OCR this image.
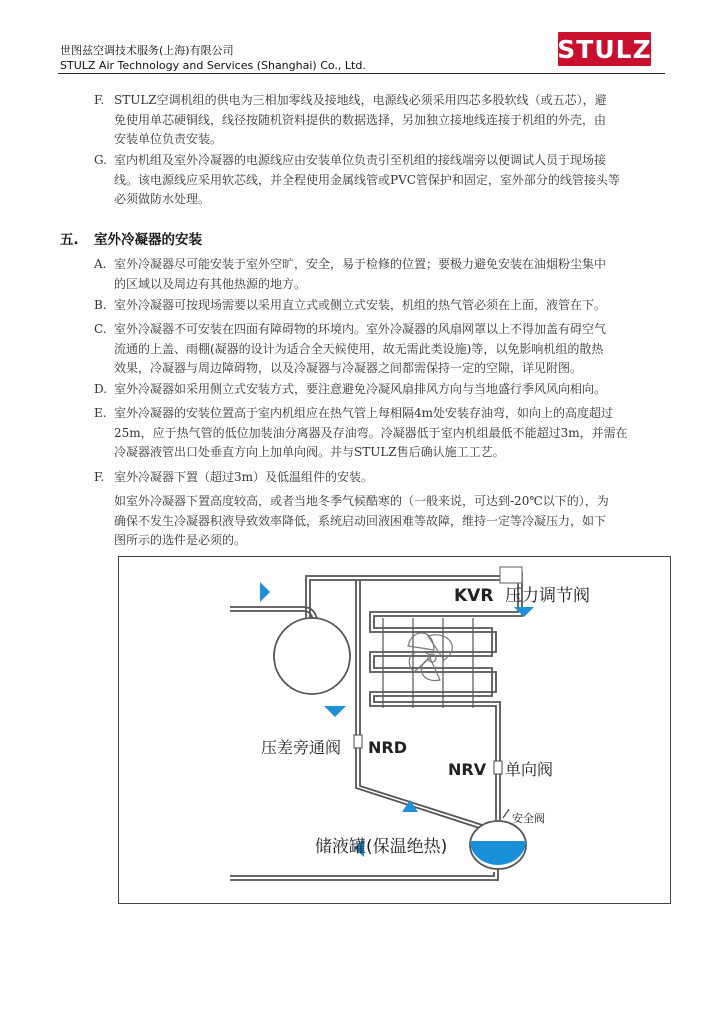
世图兹空调技术服务(上海)有限公司
STULZ Air Technology and Services (Shanghai) Co., Ltd.
STULZ
F. STULZ空调机组的供电为三相加零线及接地线，电源线必须采用四芯多股软线（或五芯），避
免使用单芯硬铜线，线径按随机资料提供的数据选择，另加独立接地线连接于机组的外壳，由
安装单位负责安装。
G. 室内机组及室外冷凝器的电源线应由安装单位负责引至机组的接线端旁以便调试人员于现场接
线。该电源线应采用软芯线，并全程使用金属线管或PVC管保护和固定，室外部分的线管接头等
必须做防水处理。
五. 室外冷凝器的安装
A. 室外冷凝器尽可能安装于室外空旷，安全，易于检修的位置；要极力避免安装在油烟粉尘集中
的区域以及周边有其他热源的地方。
B. 室外冷凝器可按现场需要以采用直立式或侧立式安装，机组的热气管必须在上面，液管在下。
C. 室外冷凝器不可安装在四面有障碍物的环境内。室外冷凝器的风扇网罩以上不得加盖有碍空气
流通的上盖、雨棚(凝器的设计为适合全天候使用，故无需此类设施)等，以免影响机组的散热
效果，冷凝器与周边障碍物，以及冷凝器与冷凝器之间都需保持一定的空隙，详见附图。
D. 室外冷凝器如采用侧立式安装方式，要注意避免冷凝风扇排风方向与当地盛行季风风向相向。
E. 室外冷凝器的安装位置高于室内机组应在热气管上每相隔4m处安装存油弯，如向上的高度超过
25m，应于热气管的低位加装油分离器及存油弯。冷凝器低于室内机组最低不能超过3m，并需在
冷凝器液管出口处垂直方向上加单向阀。并与STULZ售后确认施工工艺。
F. 室外冷凝器下置（超过3m）及低温组件的安装。
如室外冷凝器下置高度较高，或者当地冬季气候酷寒的（一般来说，可达到-20℃以下的），为
确保不发生冷凝器积液导致效率降低，系统启动回液困难等故障，维持一定等冷凝压力，如下
图所示的选件是必须的。
KVR 压力调节阀
压差旁通阀 NRD
NRV 单向阀
安全阀
储液罐(保温绝热)
